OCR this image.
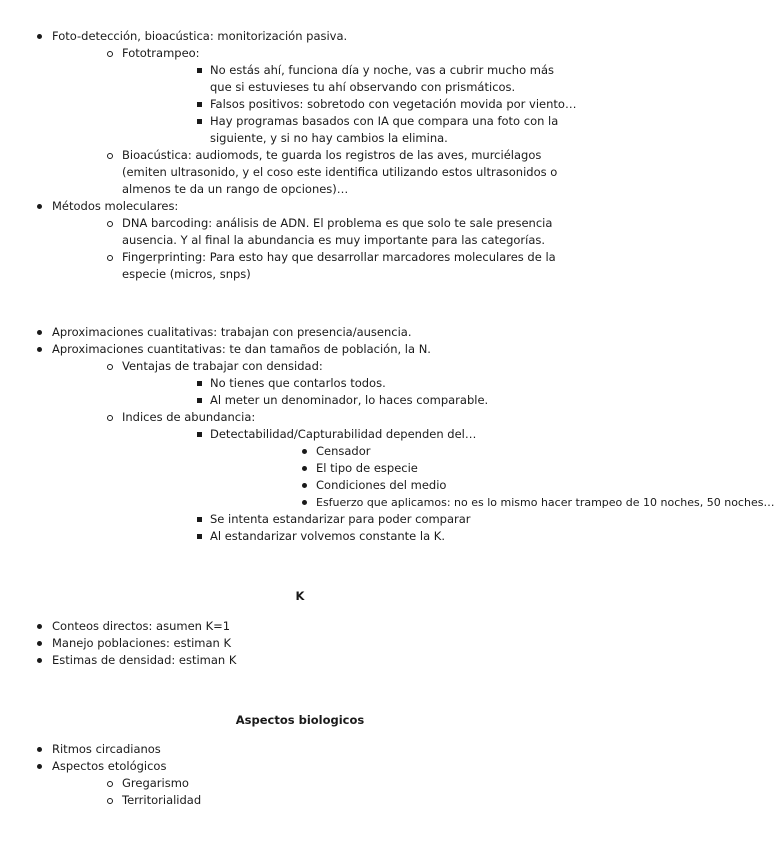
Foto-detección, bioacústica: monitorización pasiva.
Fototrampeo:
No estás ahí, funciona día y noche, vas a cubrir mucho más que si estuvieses tu ahí observando con prismáticos.
Falsos positivos: sobretodo con vegetación movida por viento…
Hay programas basados con IA que compara una foto con la siguiente, y si no hay cambios la elimina.
Bioacústica: audiomods, te guarda los registros de las aves, murciélagos (emiten ultrasonido, y el coso este identifica utilizando estos ultrasonidos o almenos te da un rango de opciones)…
Métodos moleculares:
DNA barcoding: análisis de ADN. El problema es que solo te sale presencia ausencia. Y al final la abundancia es muy importante para las categorías.
Fingerprinting: Para esto hay que desarrollar marcadores moleculares de la especie (micros, snps)
Aproximaciones cualitativas: trabajan con presencia/ausencia.
Aproximaciones cuantitativas: te dan tamaños de población, la N.
Ventajas de trabajar con densidad:
No tienes que contarlos todos.
Al meter un denominador, lo haces comparable.
Indices de abundancia:
Detectabilidad/Capturabilidad dependen del…
Censador
El tipo de especie
Condiciones del medio
Esfuerzo que aplicamos: no es lo mismo hacer trampeo de 10 noches, 50 noches…
Se intenta estandarizar para poder comparar
Al estandarizar volvemos constante la K.
K
Conteos directos: asumen K=1
Manejo poblaciones: estiman K
Estimas de densidad: estiman K
Aspectos biologicos
Ritmos circadianos
Aspectos etológicos
Gregarismo
Territorialidad
